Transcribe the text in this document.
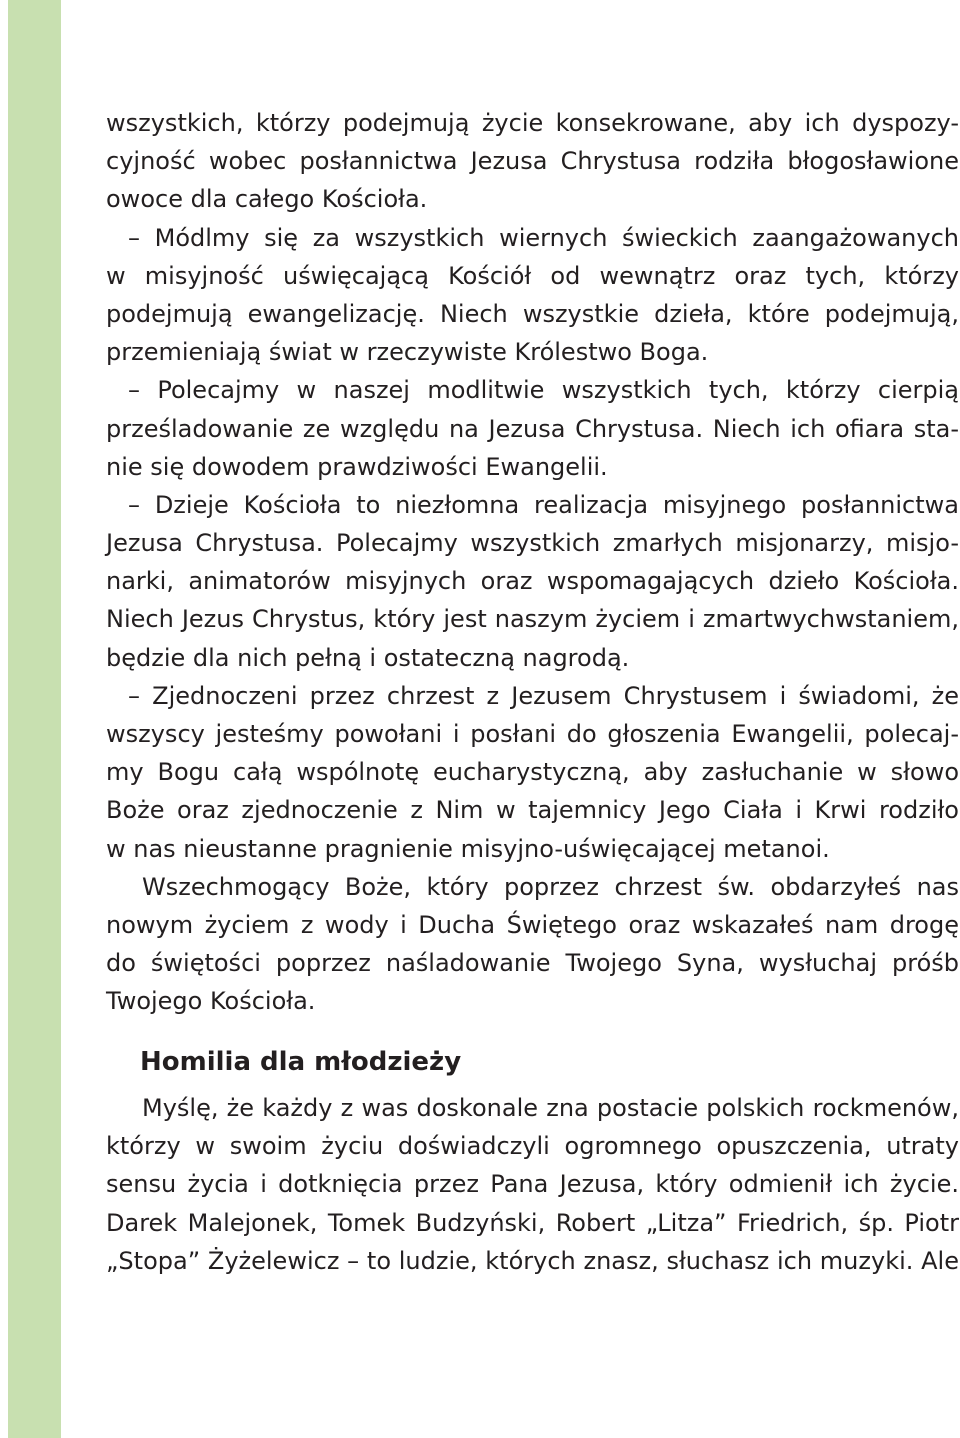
wszystkich, którzy podejmują życie konsekrowane, aby ich dyspozy-
cyjność wobec posłannictwa Jezusa Chrystusa rodziła błogosławione
owoce dla całego Kościoła.
– Módlmy się za wszystkich wiernych świeckich zaangażowanych
w misyjność uświęcającą Kościół od wewnątrz oraz tych, którzy
podejmują ewangelizację. Niech wszystkie dzieła, które podejmują,
przemieniają świat w rzeczywiste Królestwo Boga.
– Polecajmy w naszej modlitwie wszystkich tych, którzy cierpią
prześladowanie ze względu na Jezusa Chrystusa. Niech ich ofiara sta-
nie się dowodem prawdziwości Ewangelii.
– Dzieje Kościoła to niezłomna realizacja misyjnego posłannictwa
Jezusa Chrystusa. Polecajmy wszystkich zmarłych misjonarzy, misjo-
narki, animatorów misyjnych oraz wspomagających dzieło Kościoła.
Niech Jezus Chrystus, który jest naszym życiem i zmartwychwstaniem,
będzie dla nich pełną i ostateczną nagrodą.
– Zjednoczeni przez chrzest z Jezusem Chrystusem i świadomi, że
wszyscy jesteśmy powołani i posłani do głoszenia Ewangelii, polecaj-
my Bogu całą wspólnotę eucharystyczną, aby zasłuchanie w słowo
Boże oraz zjednoczenie z Nim w tajemnicy Jego Ciała i Krwi rodziło
w nas nieustanne pragnienie misyjno-uświęcającej metanoi.
Wszechmogący Boże, który poprzez chrzest św. obdarzyłeś nas
nowym życiem z wody i Ducha Świętego oraz wskazałeś nam drogę
do świętości poprzez naśladowanie Twojego Syna, wysłuchaj próśb
Twojego Kościoła.
Homilia dla młodzieży
Myślę, że każdy z was doskonale zna postacie polskich rockmenów,
którzy w swoim życiu doświadczyli ogromnego opuszczenia, utraty
sensu życia i dotknięcia przez Pana Jezusa, który odmienił ich życie.
Darek Malejonek, Tomek Budzyński, Robert „Litza” Friedrich, śp. Piotr
„Stopa” Żyżelewicz – to ludzie, których znasz, słuchasz ich muzyki. Ale
